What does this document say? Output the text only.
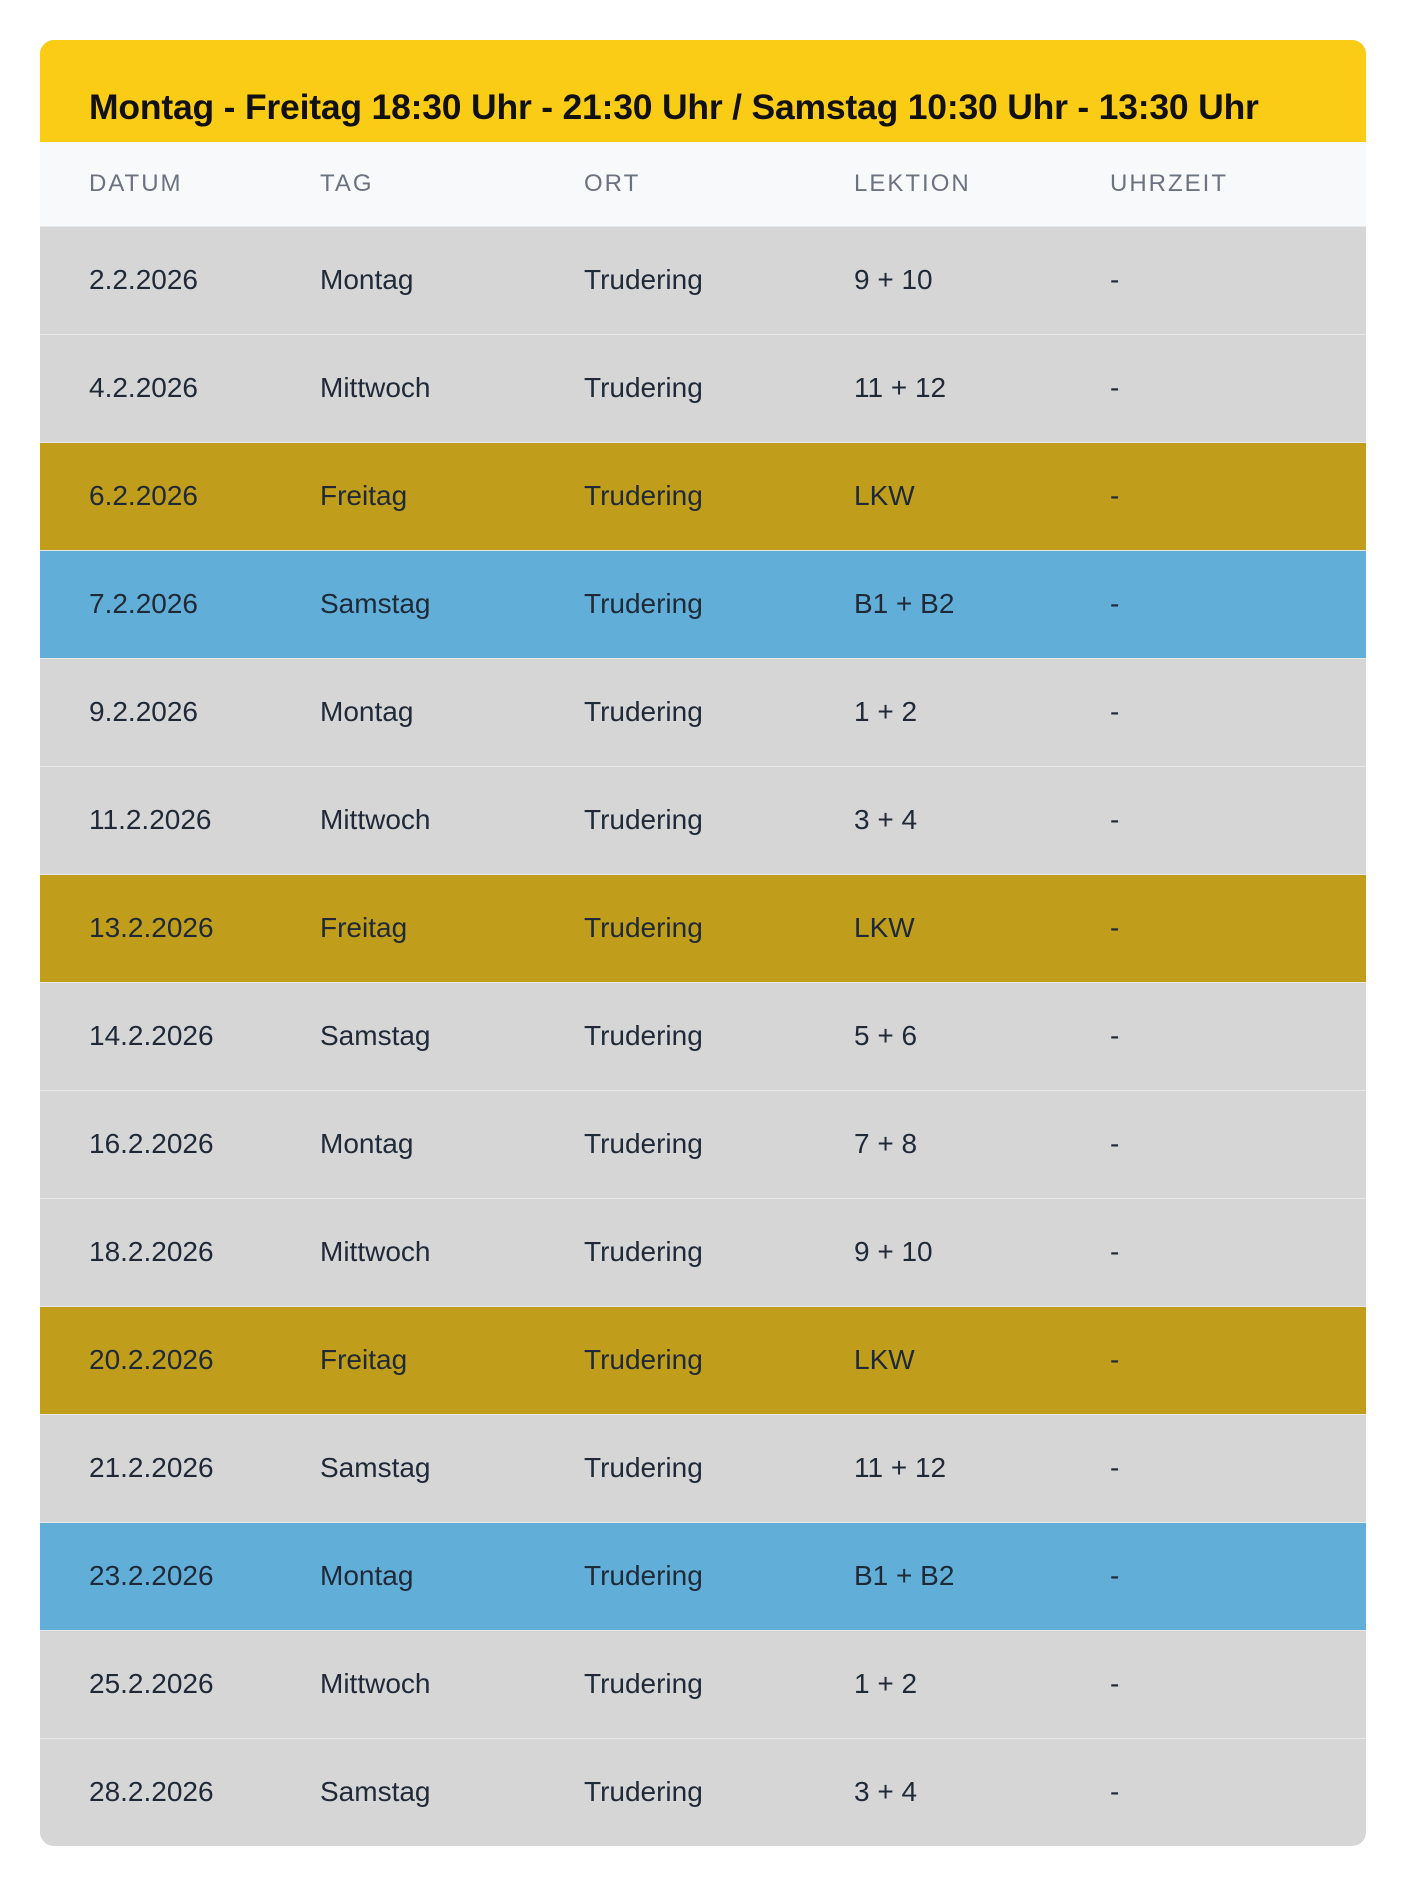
Montag - Freitag 18:30 Uhr - 21:30 Uhr / Samstag 10:30 Uhr - 13:30 Uhr
DATUM	TAG	ORT	LEKTION	UHRZEIT
2.2.2026	Montag	Trudering	9 + 10	-
4.2.2026	Mittwoch	Trudering	11 + 12	-
6.2.2026	Freitag	Trudering	LKW	-
7.2.2026	Samstag	Trudering	B1 + B2	-
9.2.2026	Montag	Trudering	1 + 2	-
11.2.2026	Mittwoch	Trudering	3 + 4	-
13.2.2026	Freitag	Trudering	LKW	-
14.2.2026	Samstag	Trudering	5 + 6	-
16.2.2026	Montag	Trudering	7 + 8	-
18.2.2026	Mittwoch	Trudering	9 + 10	-
20.2.2026	Freitag	Trudering	LKW	-
21.2.2026	Samstag	Trudering	11 + 12	-
23.2.2026	Montag	Trudering	B1 + B2	-
25.2.2026	Mittwoch	Trudering	1 + 2	-
28.2.2026	Samstag	Trudering	3 + 4	-
